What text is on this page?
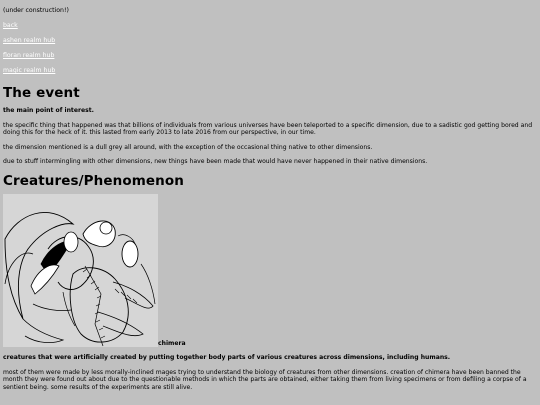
(under construction!)
back
ashen realm hub
floran realm hub
magic realm hub
The event

the main point of interest.

the specific thing that happened was that billions of individuals from various universes have been teleported to a specific dimension, due to a sadistic god getting bored and doing this for the heck of it. this lasted from early 2013 to late 2016 from our perspective, in our time.

the dimension mentioned is a dull grey all around, with the exception of the occasional thing native to other dimensions.

due to stuff intermingling with other dimensions, new things have been made that would have never happened in their native dimensions.

Creatures/Phenomenon
chimera

creatures that were artificially created by putting together body parts of various creatures across dimensions, including humans.

most of them were made by less morally-inclined mages trying to understand the biology of creatures from other dimensions. creation of chimera have been banned the month they were found out about due to the questionable methods in which the parts are obtained, either taking them from living specimens or from defiling a corpse of a sentient being. some results of the experiments are still alive.
